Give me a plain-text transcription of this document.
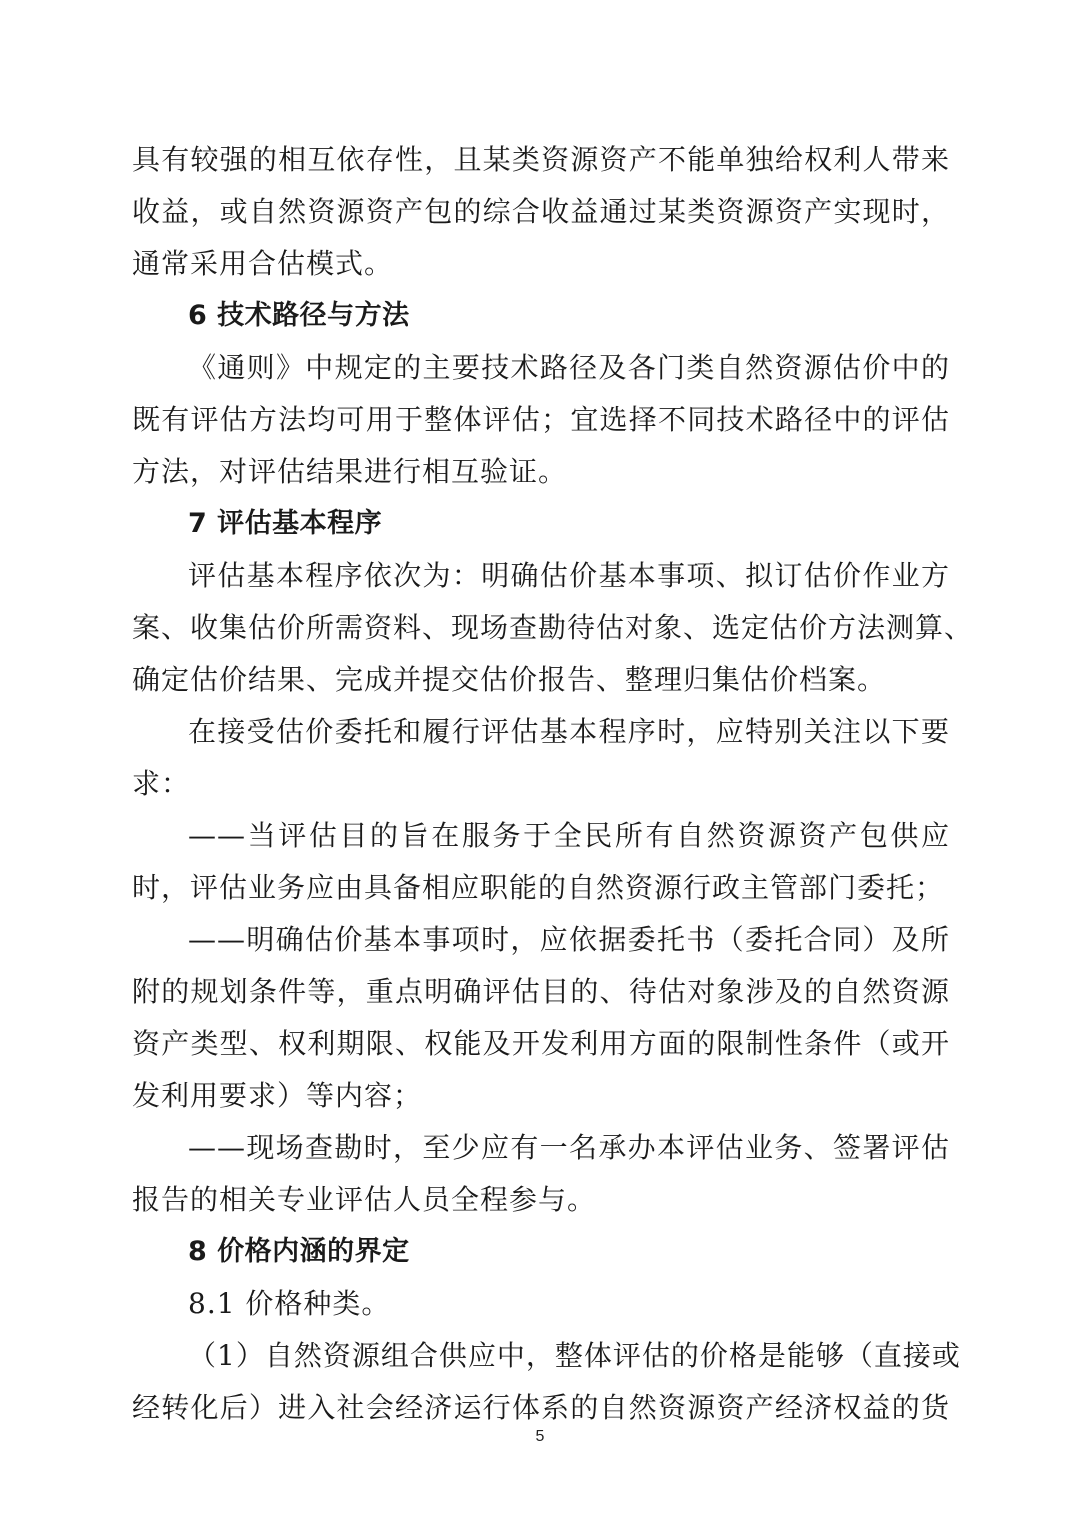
具有较强的相互依存性，且某类资源资产不能单独给权利人带来
收益，或自然资源资产包的综合收益通过某类资源资产实现时，
通常采用合估模式。
6 技术路径与方法
《通则》中规定的主要技术路径及各门类自然资源估价中的
既有评估方法均可用于整体评估；宜选择不同技术路径中的评估
方法，对评估结果进行相互验证。
7 评估基本程序
评估基本程序依次为：明确估价基本事项、拟订估价作业方
案、收集估价所需资料、现场查勘待估对象、选定估价方法测算、
确定估价结果、完成并提交估价报告、整理归集估价档案。
在接受估价委托和履行评估基本程序时，应特别关注以下要
求：
——当评估目的旨在服务于全民所有自然资源资产包供应
时，评估业务应由具备相应职能的自然资源行政主管部门委托；
——明确估价基本事项时，应依据委托书（委托合同）及所
附的规划条件等，重点明确评估目的、待估对象涉及的自然资源
资产类型、权利期限、权能及开发利用方面的限制性条件（或开
发利用要求）等内容；
——现场查勘时，至少应有一名承办本评估业务、签署评估
报告的相关专业评估人员全程参与。
8 价格内涵的界定
8.1 价格种类。
（1）自然资源组合供应中，整体评估的价格是能够（直接或
经转化后）进入社会经济运行体系的自然资源资产经济权益的货
5
